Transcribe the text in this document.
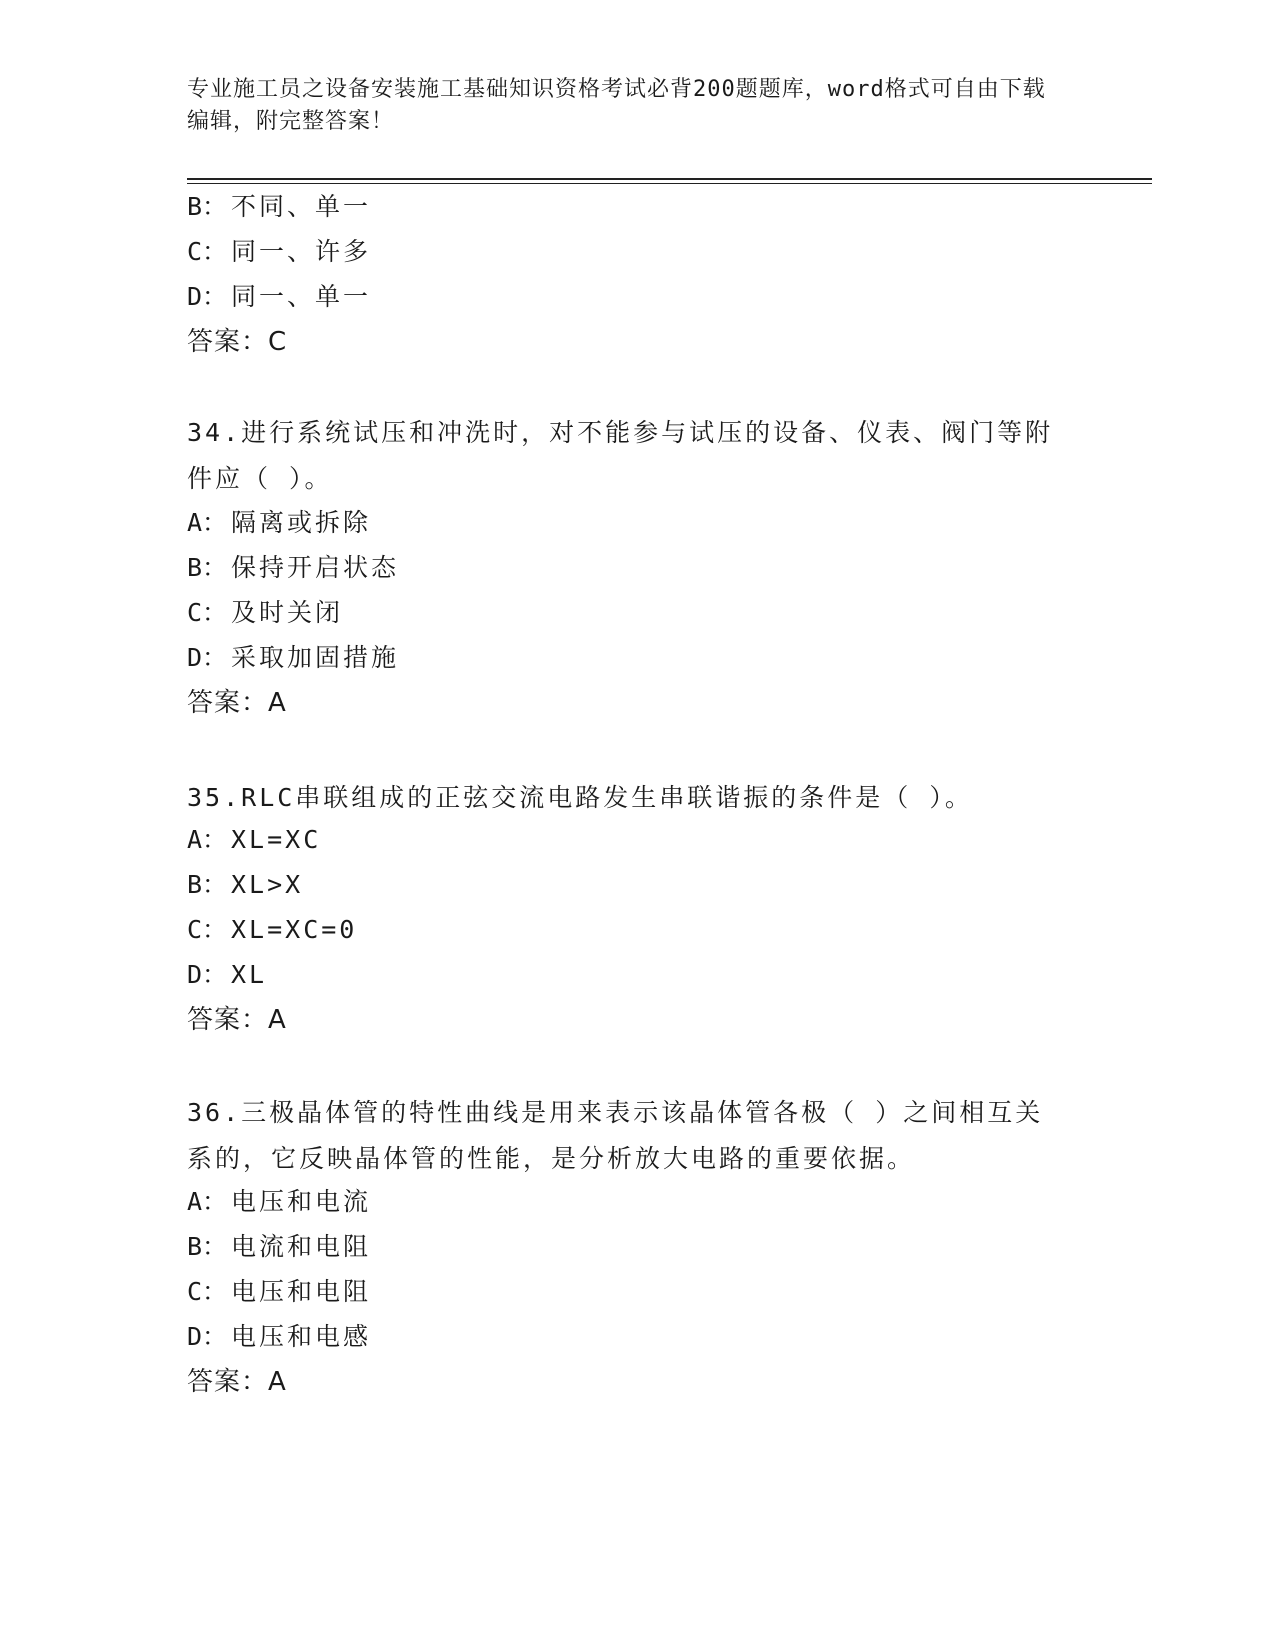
专业施工员之设备安装施工基础知识资格考试必背200题题库，word格式可自由下载编辑，附完整答案！
B： 不同、单一
C： 同一、许多
D： 同一、单一
答案：C
34.进行系统试压和冲洗时，对不能参与试压的设备、仪表、阀门等附件应（ ）。
A： 隔离或拆除
B： 保持开启状态
C： 及时关闭
D： 采取加固措施
答案：A
35.RLC串联组成的正弦交流电路发生串联谐振的条件是（ ）。
A： XL=XC
B： XL>X
C： XL=XC=0
D： XL
答案：A
36.三极晶体管的特性曲线是用来表示该晶体管各极（ ）之间相互关系的，它反映晶体管的性能，是分析放大电路的重要依据。
A： 电压和电流
B： 电流和电阻
C： 电压和电阻
D： 电压和电感
答案：A
